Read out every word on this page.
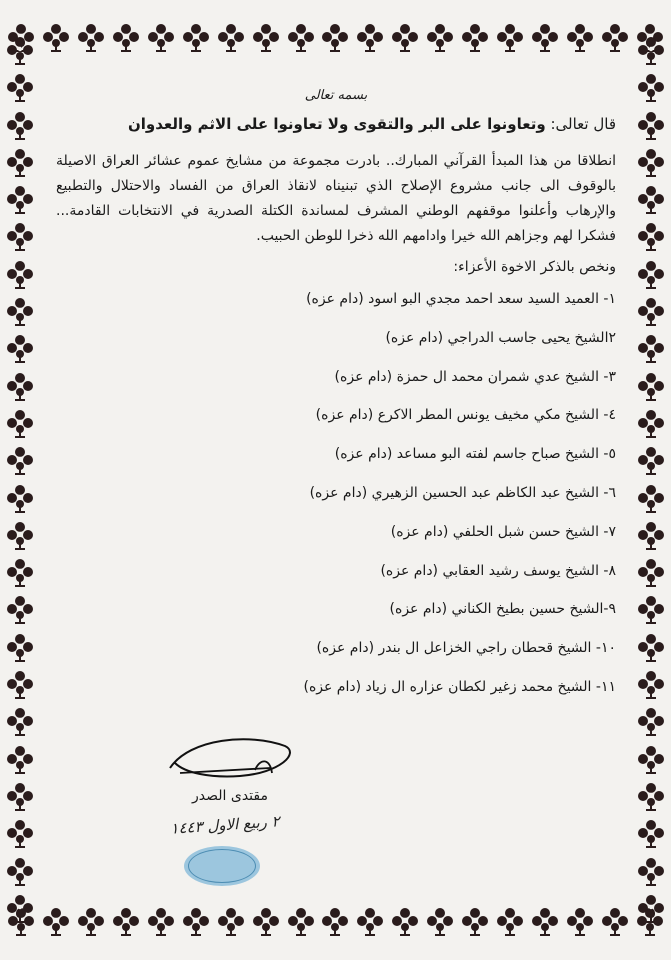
بسمه تعالى

قال تعالى: وتعاونوا على البر والتقوى ولا تعاونوا على الاثم والعدوان

انطلاقا من هذا المبدأ القرآني المبارك.. بادرت مجموعة من مشايخ عموم عشائر العراق الاصيلة بالوقوف الى جانب مشروع الإصلاح الذي تبنيناه لانقاذ العراق من الفساد والاحتلال والتطبيع والإرهاب وأعلنوا موقفهم الوطني المشرف لمساندة الكتلة الصدرية في الانتخابات القادمة... فشكرا لهم وجزاهم الله خيرا وادامهم الله ذخرا للوطن الحبيب.

ونخص بالذكر الاخوة الأعزاء:

١- العميد السيد سعد احمد مجدي البو اسود (دام عزه)
٢الشيخ يحيى جاسب الدراجي (دام عزه)
٣- الشيخ عدي شمران محمد ال حمزة (دام عزه)
٤- الشيخ مكي مخيف يونس المطر الاكرع (دام عزه)
٥- الشيخ صباح جاسم لفته البو مساعد (دام عزه)
٦- الشيخ عبد الكاظم عبد الحسين الزهيري (دام عزه)
٧- الشيخ حسن شبل الحلفي (دام عزه)
٨- الشيخ يوسف رشيد العقابي (دام عزه)
٩-الشيخ حسين بطيخ الكناني (دام عزه)
١٠- الشيخ قحطان راجي الخزاعل ال بندر (دام عزه)
١١- الشيخ محمد زغير لكطان عزاره ال زياد (دام عزه)
مقتدى الصدر
٢ ربيع الاول ١٤٤٣
